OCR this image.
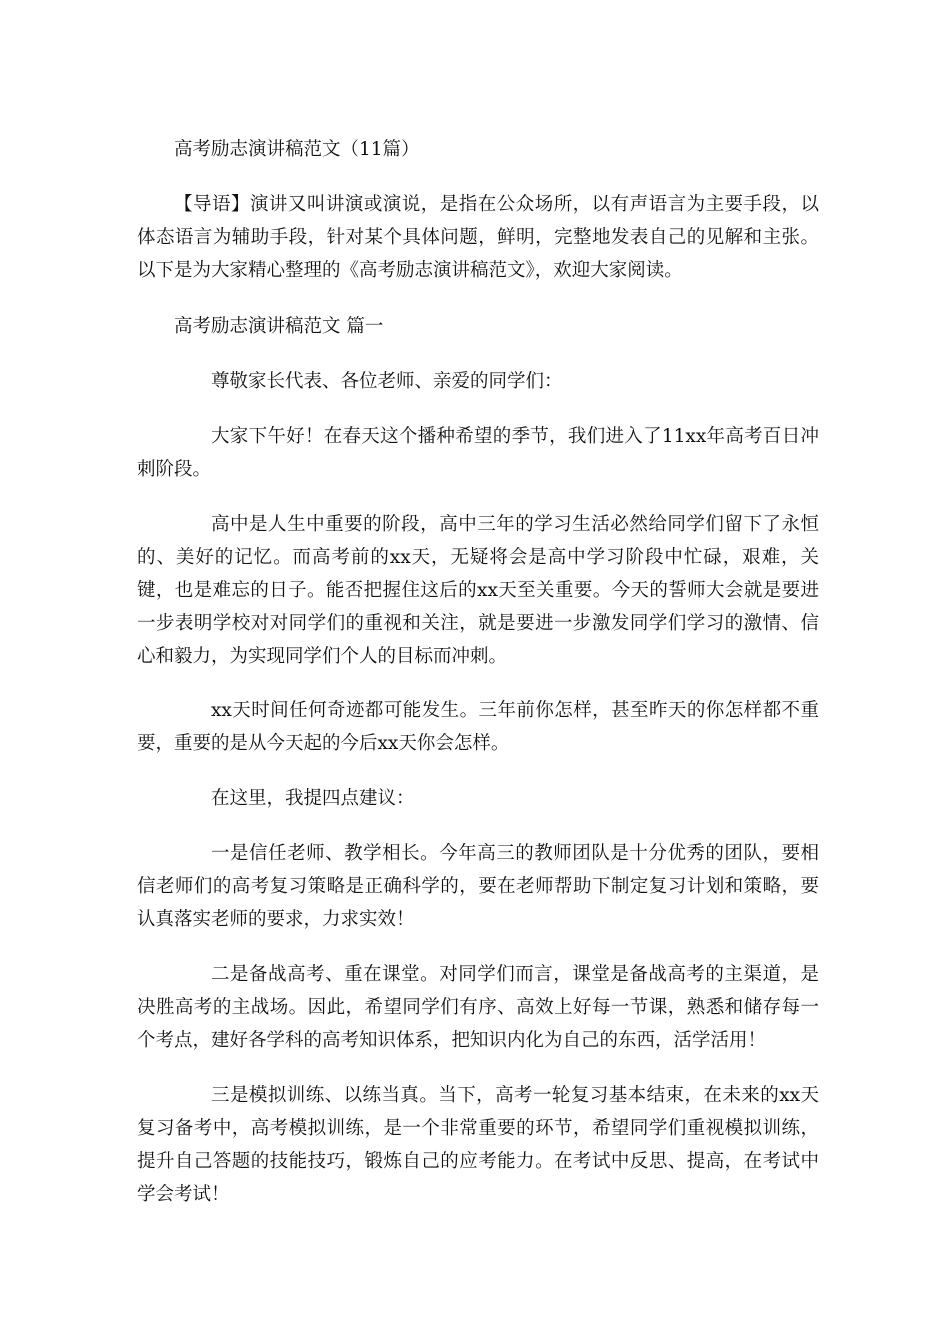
高考励志演讲稿范文（11篇）

【导语】演讲又叫讲演或演说，是指在公众场所，以有声语言为主要手段，以体态语言为辅助手段，针对某个具体问题，鲜明，完整地发表自己的见解和主张。以下是为大家精心整理的《高考励志演讲稿范文》，欢迎大家阅读。

高考励志演讲稿范文 篇一

尊敬家长代表、各位老师、亲爱的同学们：

大家下午好！在春天这个播种希望的季节，我们进入了11xx年高考百日冲刺阶段。

高中是人生中重要的阶段，高中三年的学习生活必然给同学们留下了永恒的、美好的记忆。而高考前的xx天，无疑将会是高中学习阶段中忙碌，艰难，关键，也是难忘的日子。能否把握住这后的xx天至关重要。今天的誓师大会就是要进一步表明学校对对同学们的重视和关注，就是要进一步激发同学们学习的激情、信心和毅力，为实现同学们个人的目标而冲刺。

xx天时间任何奇迹都可能发生。三年前你怎样，甚至昨天的你怎样都不重要，重要的是从今天起的今后xx天你会怎样。

在这里，我提四点建议：

一是信任老师、教学相长。今年高三的教师团队是十分优秀的团队，要相信老师们的高考复习策略是正确科学的，要在老师帮助下制定复习计划和策略，要认真落实老师的要求，力求实效！

二是备战高考、重在课堂。对同学们而言，课堂是备战高考的主渠道，是决胜高考的主战场。因此，希望同学们有序、高效上好每一节课，熟悉和储存每一个考点，建好各学科的高考知识体系，把知识内化为自己的东西，活学活用！

三是模拟训练、以练当真。当下，高考一轮复习基本结束，在未来的xx天复习备考中，高考模拟训练，是一个非常重要的环节，希望同学们重视模拟训练，提升自己答题的技能技巧，锻炼自己的应考能力。在考试中反思、提高，在考试中学会考试！
